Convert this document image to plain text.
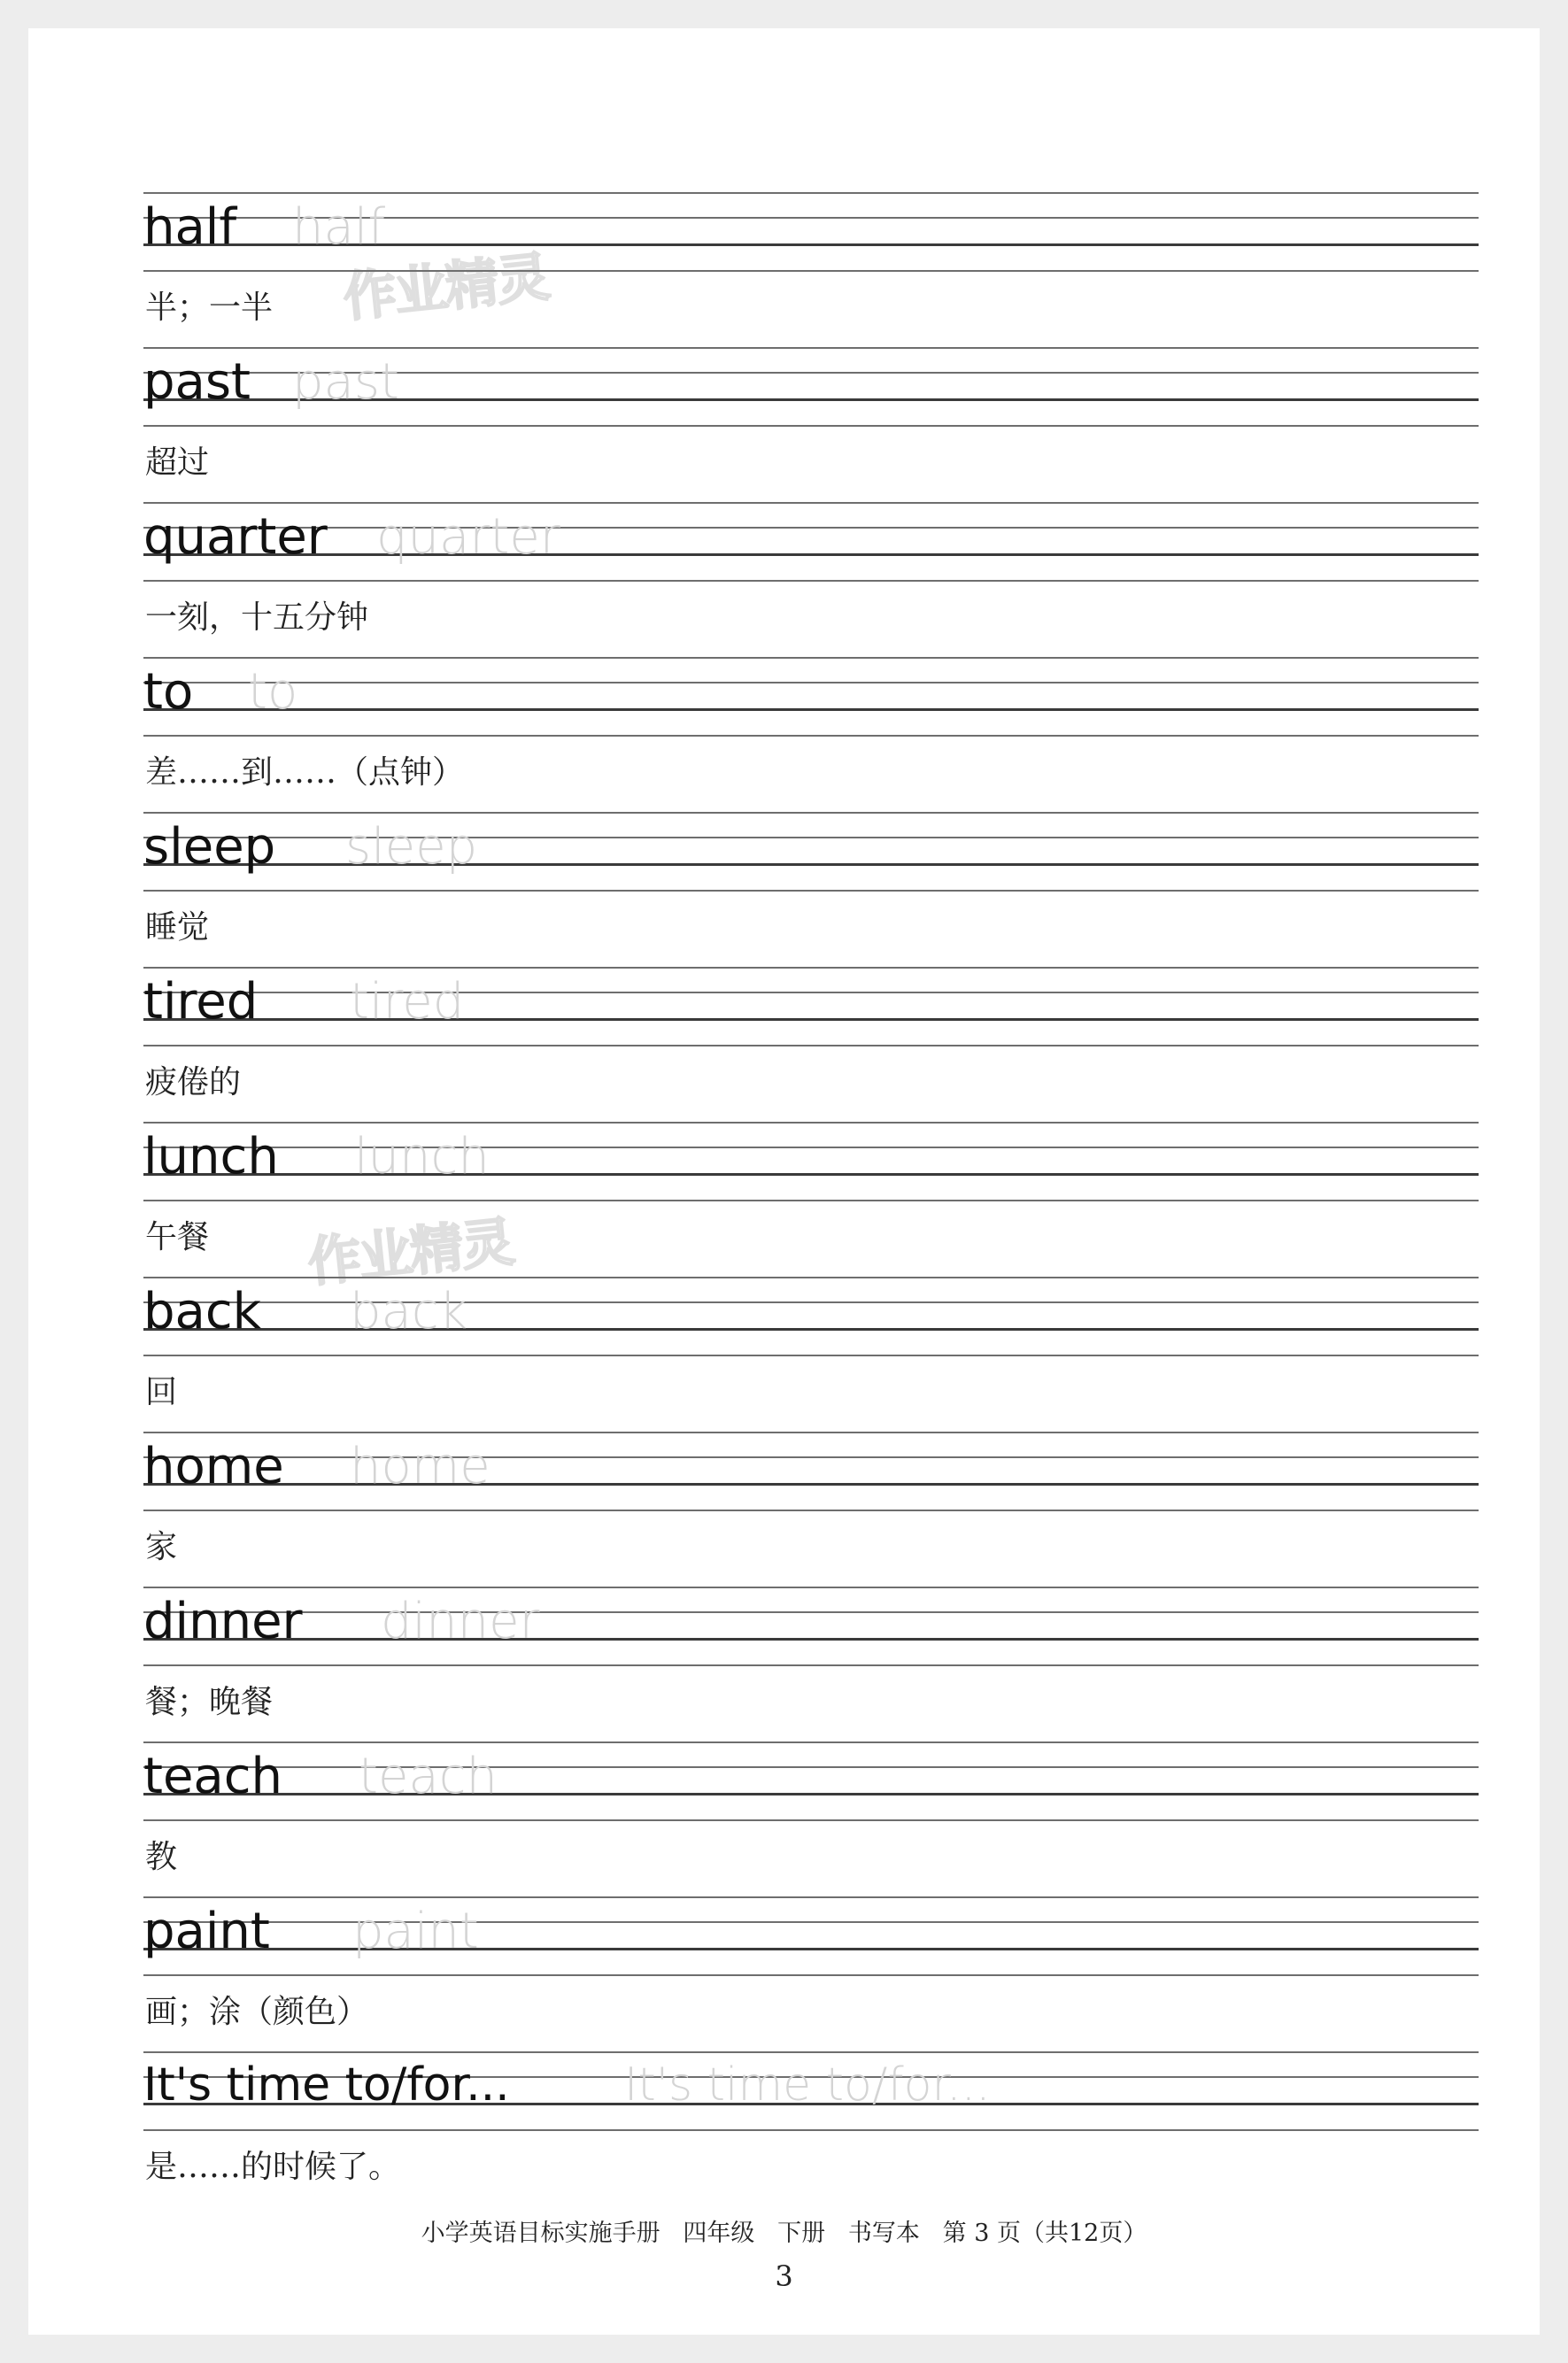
作业精灵
作业精灵
half half
半；一半
past past
超过
quarter quarter
一刻，十五分钟
to to
差……到……（点钟）
sleep sleep
睡觉
tired tired
疲倦的
lunch lunch
午餐
back back
回
home home
家
dinner dinner
餐；晚餐
teach teach
教
paint paint
画；涂（颜色）
It's time to/for... It's time to/for...
是……的时候了。
小学英语目标实施手册   四年级   下册   书写本   第 3 页（共12页）
3
